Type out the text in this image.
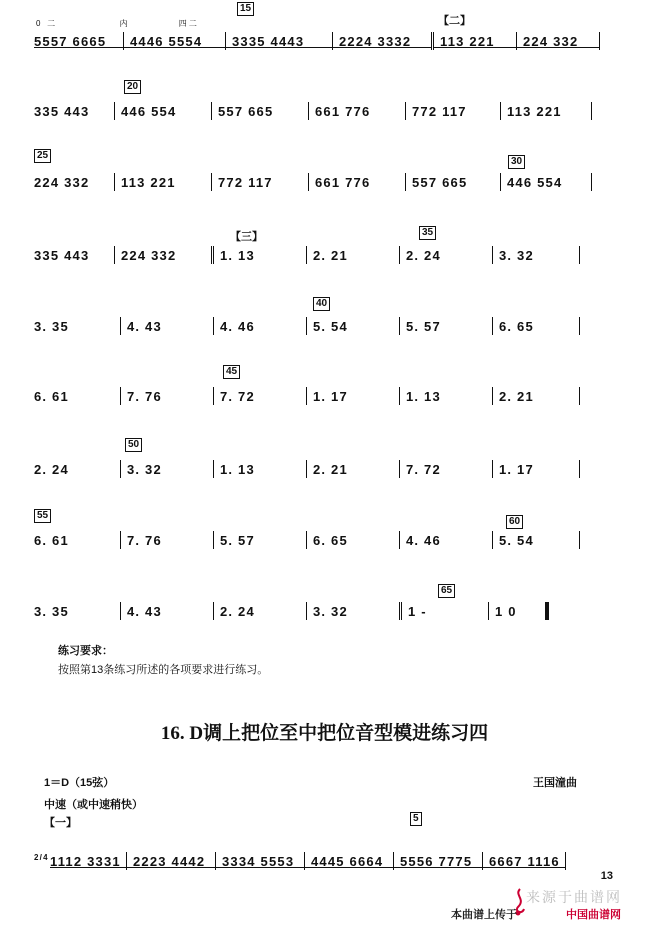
0   二                             内                       四 二
15
【二】
5557 6665	4446 5554	3335 4443	2224 3332	113 221	224 332
20
335 443	446 554	557 665	661 776	772 117	113 221
25
30
224 332	113 221	772 117	661 776	557 665	446 554
【三】	35
335 443	224 332	1. 13	2. 21	2. 24	3. 32
40
3. 35	4. 43	4. 46	5. 54	5. 57	6. 65
45
6. 61	7. 76	7. 72	1. 17	1. 13	2. 21
50
2. 24	3. 32	1. 13	2. 21	7. 72	1. 17
55
60
6. 61	7. 76	5. 57	6. 65	4. 46	5. 54
65
3. 35	4. 43	2. 24	3. 32	1 -	1 0
练习要求：
按照第13条练习所述的各项要求进行练习。
16. D调上把位至中把位音型模进练习四
1＝D（15弦）	王国潼曲
中速（或中速稍快）
【一】	5
2/4 1112 3331 2223 4442	3334 5553	4445 6664	5556 7775	6667 1116
13
来源于曲谱网
本曲谱上传于	中国曲谱网
